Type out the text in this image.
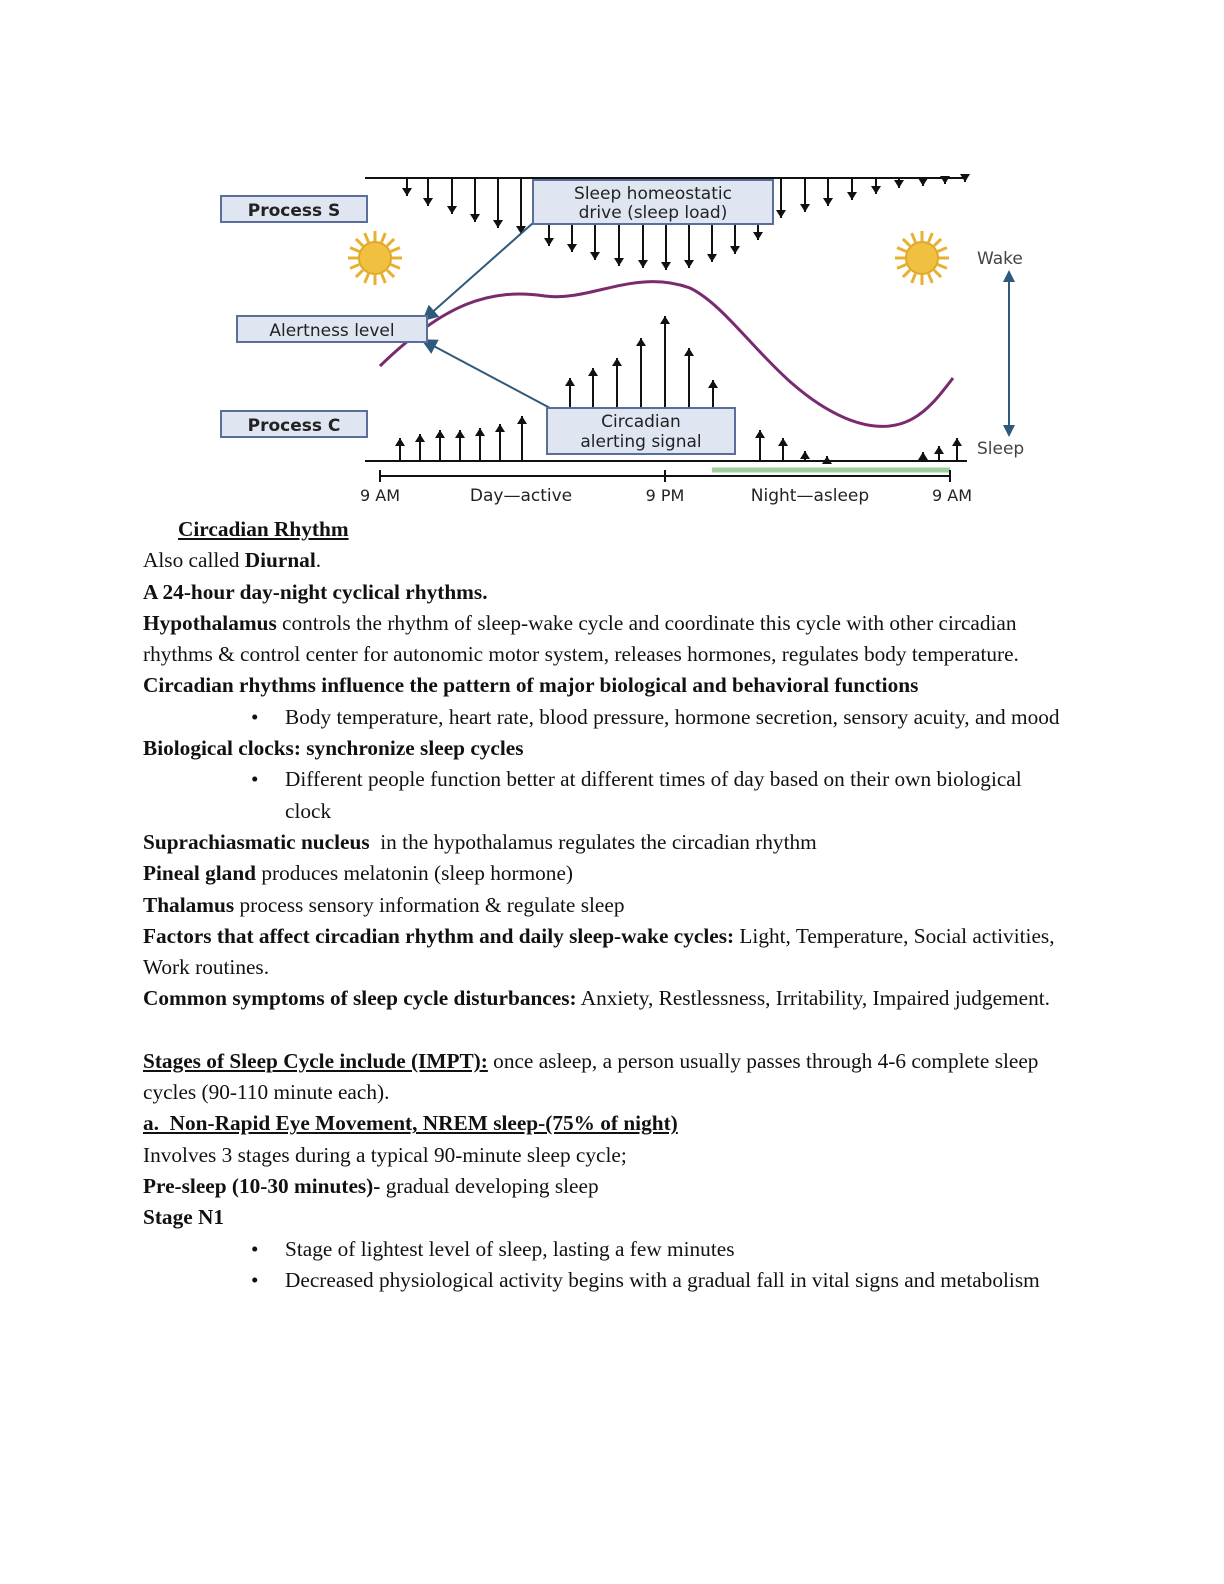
Process S
Alertness level
Process C
Sleep homeostatic
drive (sleep load)
Circadian
alerting signal
Wake
Sleep
9 AM	Day—active	9 PM	Night—asleep	9 AM

Circadian Rhythm

Also called Diurnal.

A 24-hour day-night cyclical rhythms.

Hypothalamus controls the rhythm of sleep-wake cycle and coordinate this cycle with other circadian rhythms & control center for autonomic motor system, releases hormones, regulates body temperature.

Circadian rhythms influence the pattern of major biological and behavioral functions

• Body temperature, heart rate, blood pressure, hormone secretion, sensory acuity, and mood

Biological clocks: synchronize sleep cycles

• Different people function better at different times of day based on their own biological clock

Suprachiasmatic nucleus  in the hypothalamus regulates the circadian rhythm

Pineal gland produces melatonin (sleep hormone)

Thalamus process sensory information & regulate sleep

Factors that affect circadian rhythm and daily sleep-wake cycles: Light, Temperature, Social activities, Work routines.

Common symptoms of sleep cycle disturbances: Anxiety, Restlessness, Irritability, Impaired judgement.

Stages of Sleep Cycle include (IMPT): once asleep, a person usually passes through 4-6 complete sleep cycles (90-110 minute each).

a.  Non-Rapid Eye Movement, NREM sleep-(75% of night)

Involves 3 stages during a typical 90-minute sleep cycle;

Pre-sleep (10-30 minutes)- gradual developing sleep

Stage N1

• Stage of lightest level of sleep, lasting a few minutes

• Decreased physiological activity begins with a gradual fall in vital signs and metabolism
